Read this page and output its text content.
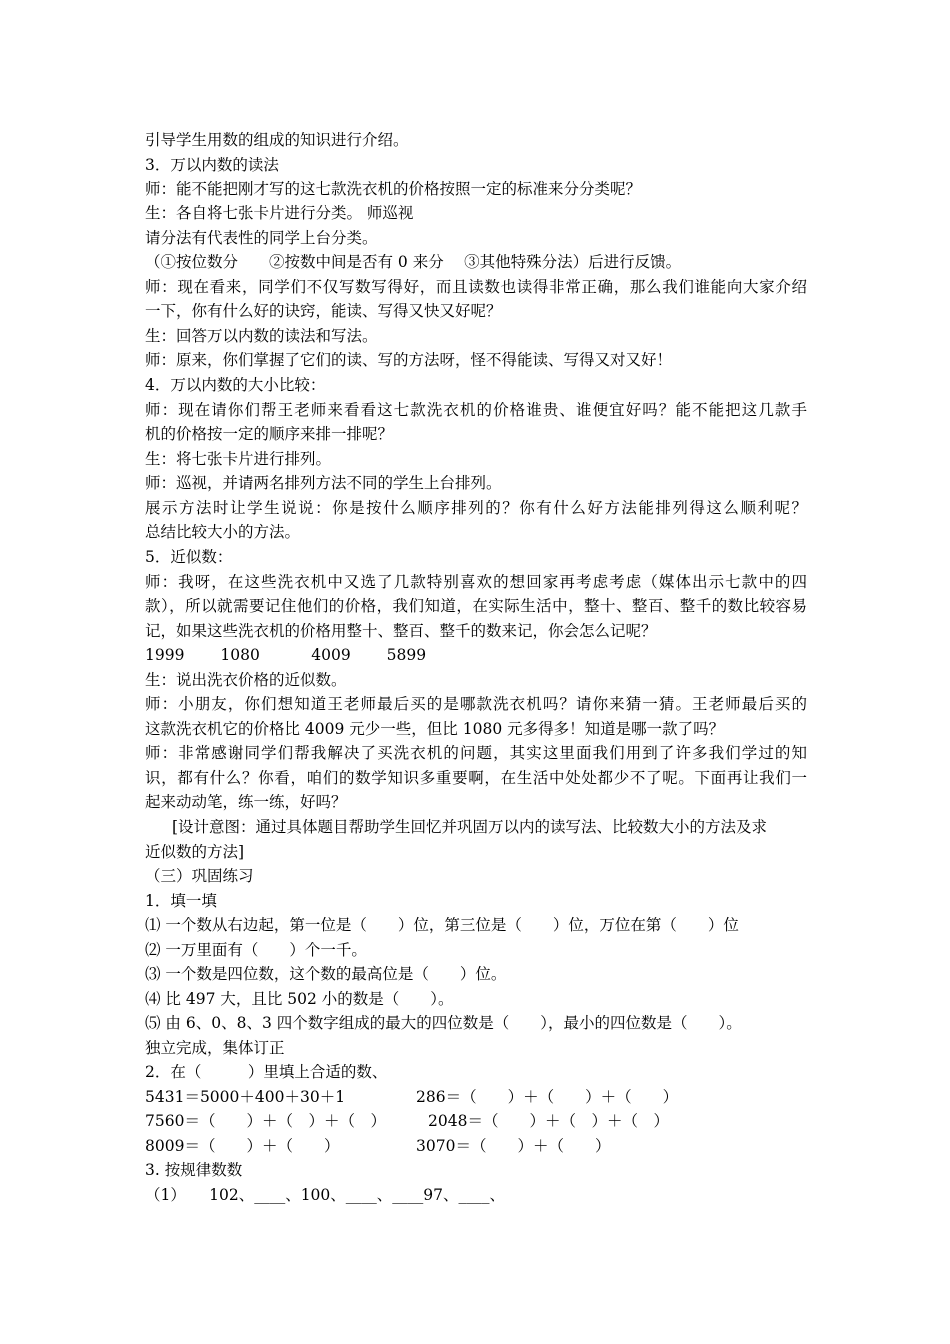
引导学生用数的组成的知识进行介绍。
3．万以内数的读法
师：能不能把刚才写的这七款洗衣机的价格按照一定的标准来分分类呢？
生：各自将七张卡片进行分类。 师巡视
请分法有代表性的同学上台分类。
（①按位数分　　②按数中间是否有 0 来分　 ③其他特殊分法）后进行反馈。
师：现在看来，同学们不仅写数写得好，而且读数也读得非常正确，那么我们谁能向大家介绍
一下，你有什么好的诀窍，能读、写得又快又好呢？
生：回答万以内数的读法和写法。
师：原来，你们掌握了它们的读、写的方法呀，怪不得能读、写得又对又好！
4．万以内数的大小比较：
师：现在请你们帮王老师来看看这七款洗衣机的价格谁贵、谁便宜好吗？能不能把这几款手
机的价格按一定的顺序来排一排呢？
生：将七张卡片进行排列。
师：巡视，并请两名排列方法不同的学生上台排列。
展示方法时让学生说说：你是按什么顺序排列的？你有什么好方法能排列得这么顺利呢？
总结比较大小的方法。
5．近似数：
师：我呀，在这些洗衣机中又选了几款特别喜欢的想回家再考虑考虑（媒体出示七款中的四
款），所以就需要记住他们的价格，我们知道，在实际生活中，整十、整百、整千的数比较容易
记，如果这些洗衣机的价格用整十、整百、整千的数来记，你会怎么记呢？
1999　　 1080　　　 4009　　 5899
生：说出洗衣价格的近似数。
师：小朋友，你们想知道王老师最后买的是哪款洗衣机吗？请你来猜一猜。王老师最后买的
这款洗衣机它的价格比 4009 元少一些，但比 1080 元多得多！知道是哪一款了吗？
师：非常感谢同学们帮我解决了买洗衣机的问题，其实这里面我们用到了许多我们学过的知
识，都有什么？你看，咱们的数学知识多重要啊，在生活中处处都少不了呢。下面再让我们一
起来动动笔，练一练，好吗？
[设计意图：通过具体题目帮助学生回忆并巩固万以内的读写法、比较数大小的方法及求
近似数的方法]
（三）巩固练习
1．填一填
⑴ 一个数从右边起，第一位是（　　）位，第三位是（　　）位，万位在第（　　）位
⑵ 一万里面有（　　）个一千。
⑶ 一个数是四位数，这个数的最高位是（　　）位。
⑷ 比 497 大，且比 502 小的数是（　　）。
⑸ 由 6、0、8、3 四个数字组成的最大的四位数是（　　），最小的四位数是（　　）。
独立完成，集体订正
2．在（　　　）里填上合适的数、
5431＝5000＋400＋30＋1	286＝（　　）＋（　　）＋（　　）
7560＝（　　）＋（　）＋（　）	2048＝（　　）＋（　）＋（　）
8009＝（　　）＋（　　）	3070＝（　　）＋（　　）
3. 按规律数数
（1）　　102、____、100、____、____97、____、
